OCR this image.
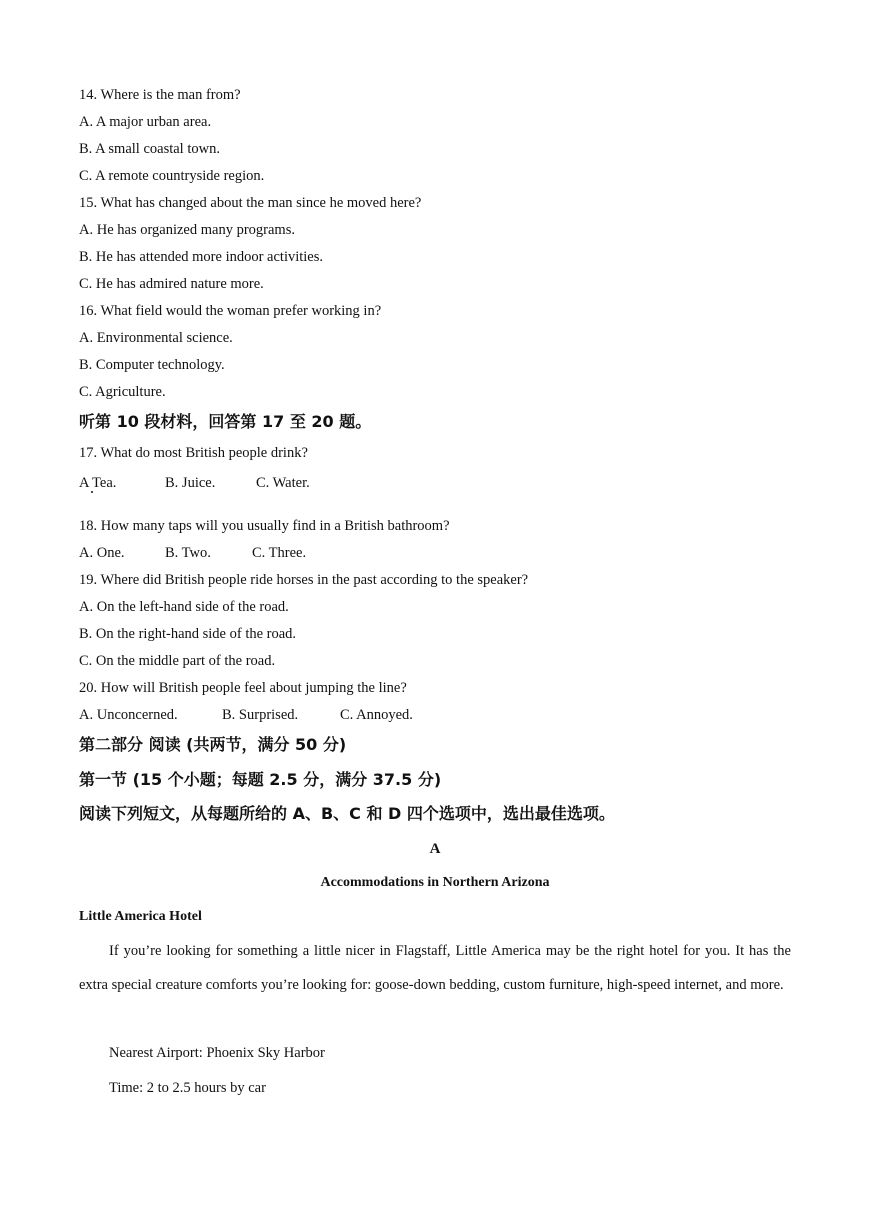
14. Where is the man from?
A. A major urban area.
B. A small coastal town.
C. A remote countryside region.
15. What has changed about the man since he moved here?
A. He has organized many programs.
B. He has attended more indoor activities.
C. He has admired nature more.
16. What field would the woman prefer working in?
A. Environmental science.
B. Computer technology.
C. Agriculture.
听第 10 段材料，回答第 17 至 20 题。
17. What do most British people drink?
A Tea.	B. Juice.	C. Water.
18. How many taps will you usually find in a British bathroom?
A. One.	B. Two.	C. Three.
19. Where did British people ride horses in the past according to the speaker?
A. On the left-hand side of the road.
B. On the right-hand side of the road.
C. On the middle part of the road.
20. How will British people feel about jumping the line?
A. Unconcerned.	B. Surprised.	C. Annoyed.
第二部分 阅读 (共两节，满分 50 分)
第一节 (15 个小题；每题 2.5 分，满分 37.5 分)
阅读下列短文，从每题所给的 A、B、C 和 D 四个选项中，选出最佳选项。
A
Accommodations in Northern Arizona
Little America Hotel
If you’re looking for something a little nicer in Flagstaff, Little America may be the right hotel for you. It has the extra special creature comforts you’re looking for: goose-down bedding, custom furniture, high-speed internet, and more.
Nearest Airport: Phoenix Sky Harbor
Time: 2 to 2.5 hours by car
